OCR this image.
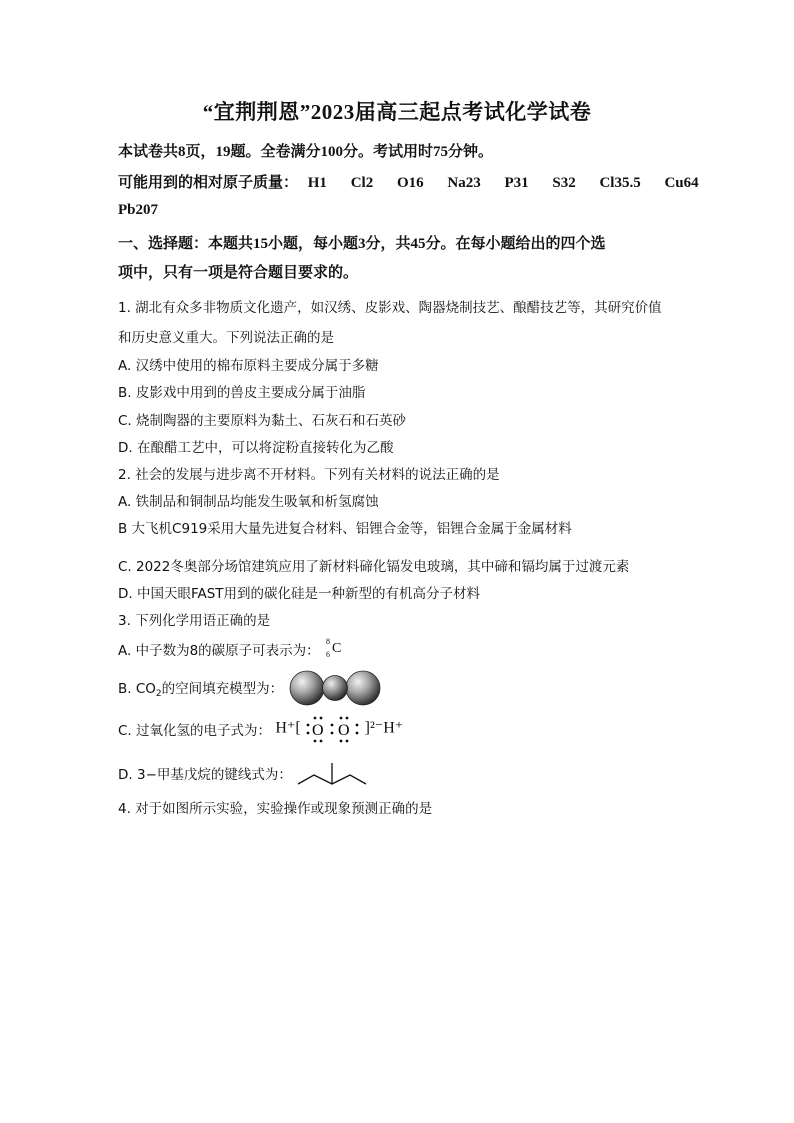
“宜荆荆恩”2023届高三起点考试化学试卷
本试卷共8页，19题。全卷满分100分。考试用时75分钟。
可能用到的相对原子质量： H1 Cl2 O16 Na23 P31 S32 Cl35.5 Cu64
Pb207
一、选择题：本题共15小题，每小题3分，共45分。在每小题给出的四个选
项中，只有一项是符合题目要求的。
1. 湖北有众多非物质文化遗产，如汉绣、皮影戏、陶器烧制技艺、酿醋技艺等，其研究价值
和历史意义重大。下列说法正确的是
A. 汉绣中使用的棉布原料主要成分属于多糖
B. 皮影戏中用到的兽皮主要成分属于油脂
C. 烧制陶器的主要原料为黏土、石灰石和石英砂
D. 在酿醋工艺中，可以将淀粉直接转化为乙酸
2. 社会的发展与进步离不开材料。下列有关材料的说法正确的是
A. 铁制品和铜制品均能发生吸氧和析氢腐蚀
B 大飞机C919采用大量先进复合材料、铝锂合金等，铝锂合金属于金属材料
C. 2022冬奥部分场馆建筑应用了新材料碲化镉发电玻璃，其中碲和镉均属于过渡元素
D. 中国天眼FAST用到的碳化硅是一种新型的有机高分子材料
3. 下列化学用语正确的是
A. 中子数为8的碳原子可表示为：
8
6 C
B. $CO_2$的空间填充模型为：
C. 过氧化氢的电子式为： H⁺[ O O ]²⁻H⁺
D. 3−甲基戊烷的键线式为：
4. 对于如图所示实验，实验操作或现象预测正确的是
